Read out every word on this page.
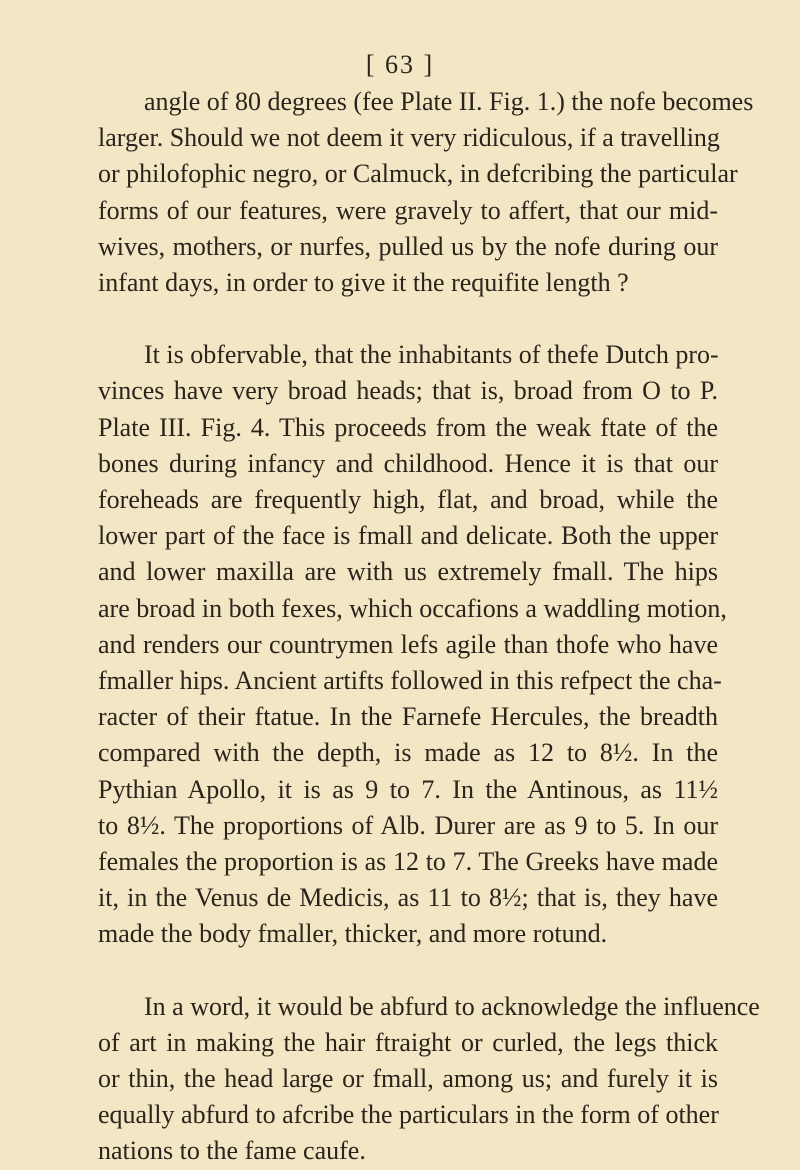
[ 63 ]
angle of 80 degrees (fee Plate II. Fig. 1.) the nofe becomes
larger. Should we not deem it very ridiculous, if a travelling
or philofophic negro, or Calmuck, in defcribing the particular
forms of our features, were gravely to affert, that our mid-
wives, mothers, or nurfes, pulled us by the nofe during our
infant days, in order to give it the requifite length ?
It is obfervable, that the inhabitants of thefe Dutch pro-
vinces have very broad heads; that is, broad from O to P.
Plate III. Fig. 4. This proceeds from the weak ftate of the
bones during infancy and childhood. Hence it is that our
foreheads are frequently high, flat, and broad, while the
lower part of the face is fmall and delicate. Both the upper
and lower maxilla are with us extremely fmall. The hips
are broad in both fexes, which occafions a waddling motion,
and renders our countrymen lefs agile than thofe who have
fmaller hips. Ancient artifts followed in this refpect the cha-
racter of their ftatue. In the Farnefe Hercules, the breadth
compared with the depth, is made as 12 to 8½. In the
Pythian Apollo, it is as 9 to 7. In the Antinous, as 11½
to 8½. The proportions of Alb. Durer are as 9 to 5. In our
females the proportion is as 12 to 7. The Greeks have made
it, in the Venus de Medicis, as 11 to 8½; that is, they have
made the body fmaller, thicker, and more rotund.
In a word, it would be abfurd to acknowledge the influence
of art in making the hair ftraight or curled, the legs thick
or thin, the head large or fmall, among us; and furely it is
equally abfurd to afcribe the particulars in the form of other
nations to the fame caufe.
